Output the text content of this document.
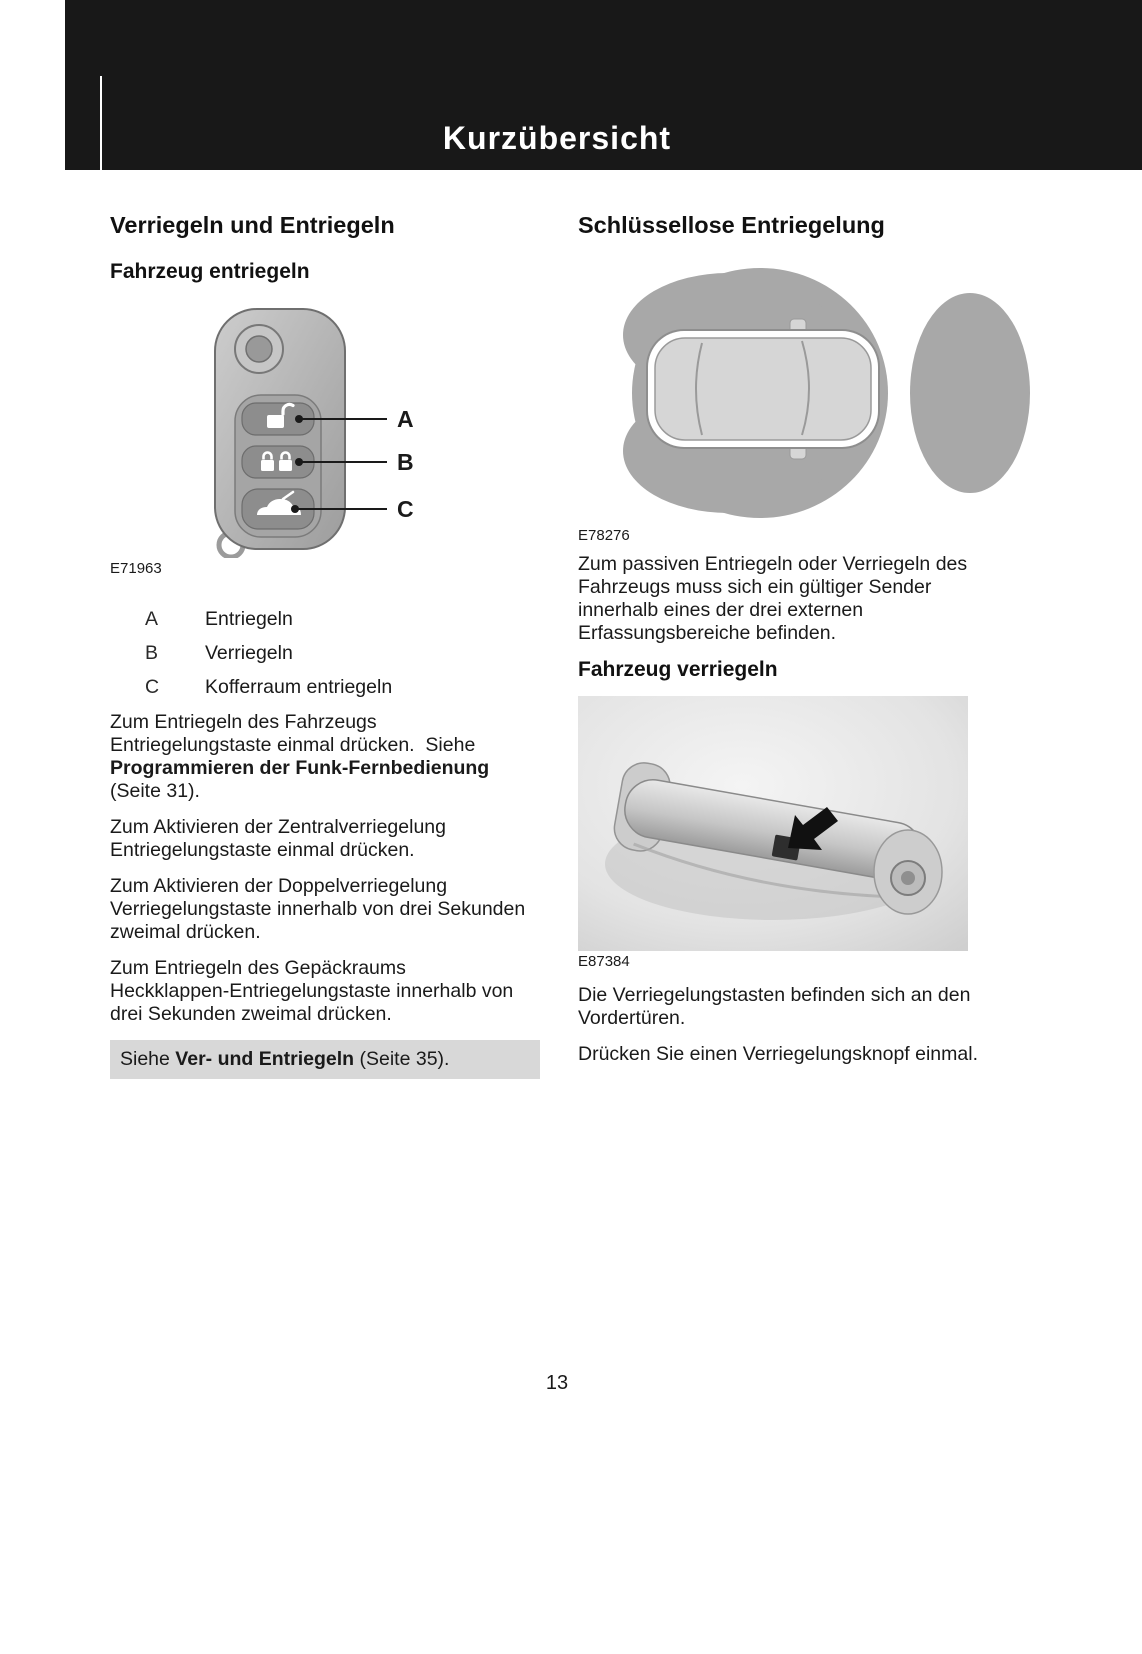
Kurzübersicht
Verriegeln und Entriegeln
Fahrzeug entriegeln
A
B
C
E71963
A	Entriegeln
B	Verriegeln
C	Kofferraum entriegeln

Zum Entriegeln des Fahrzeugs Entriegelungstaste einmal drücken.  Siehe Programmieren der Funk-Fernbedienung (Seite 31).

Zum Aktivieren der Zentralverriegelung Entriegelungstaste einmal drücken.

Zum Aktivieren der Doppelverriegelung Verriegelungstaste innerhalb von drei Sekunden zweimal drücken.

Zum Entriegeln des Gepäckraums Heckklappen-Entriegelungstaste innerhalb von drei Sekunden zweimal drücken.

Siehe Ver- und Entriegeln (Seite 35).
Schlüssellose Entriegelung
E78276

Zum passiven Entriegeln oder Verriegeln des Fahrzeugs muss sich ein gültiger Sender innerhalb eines der drei externen Erfassungsbereiche befinden.

Fahrzeug verriegeln
E87384

Die Verriegelungstasten befinden sich an den Vordertüren.

Drücken Sie einen Verriegelungsknopf einmal.

13
